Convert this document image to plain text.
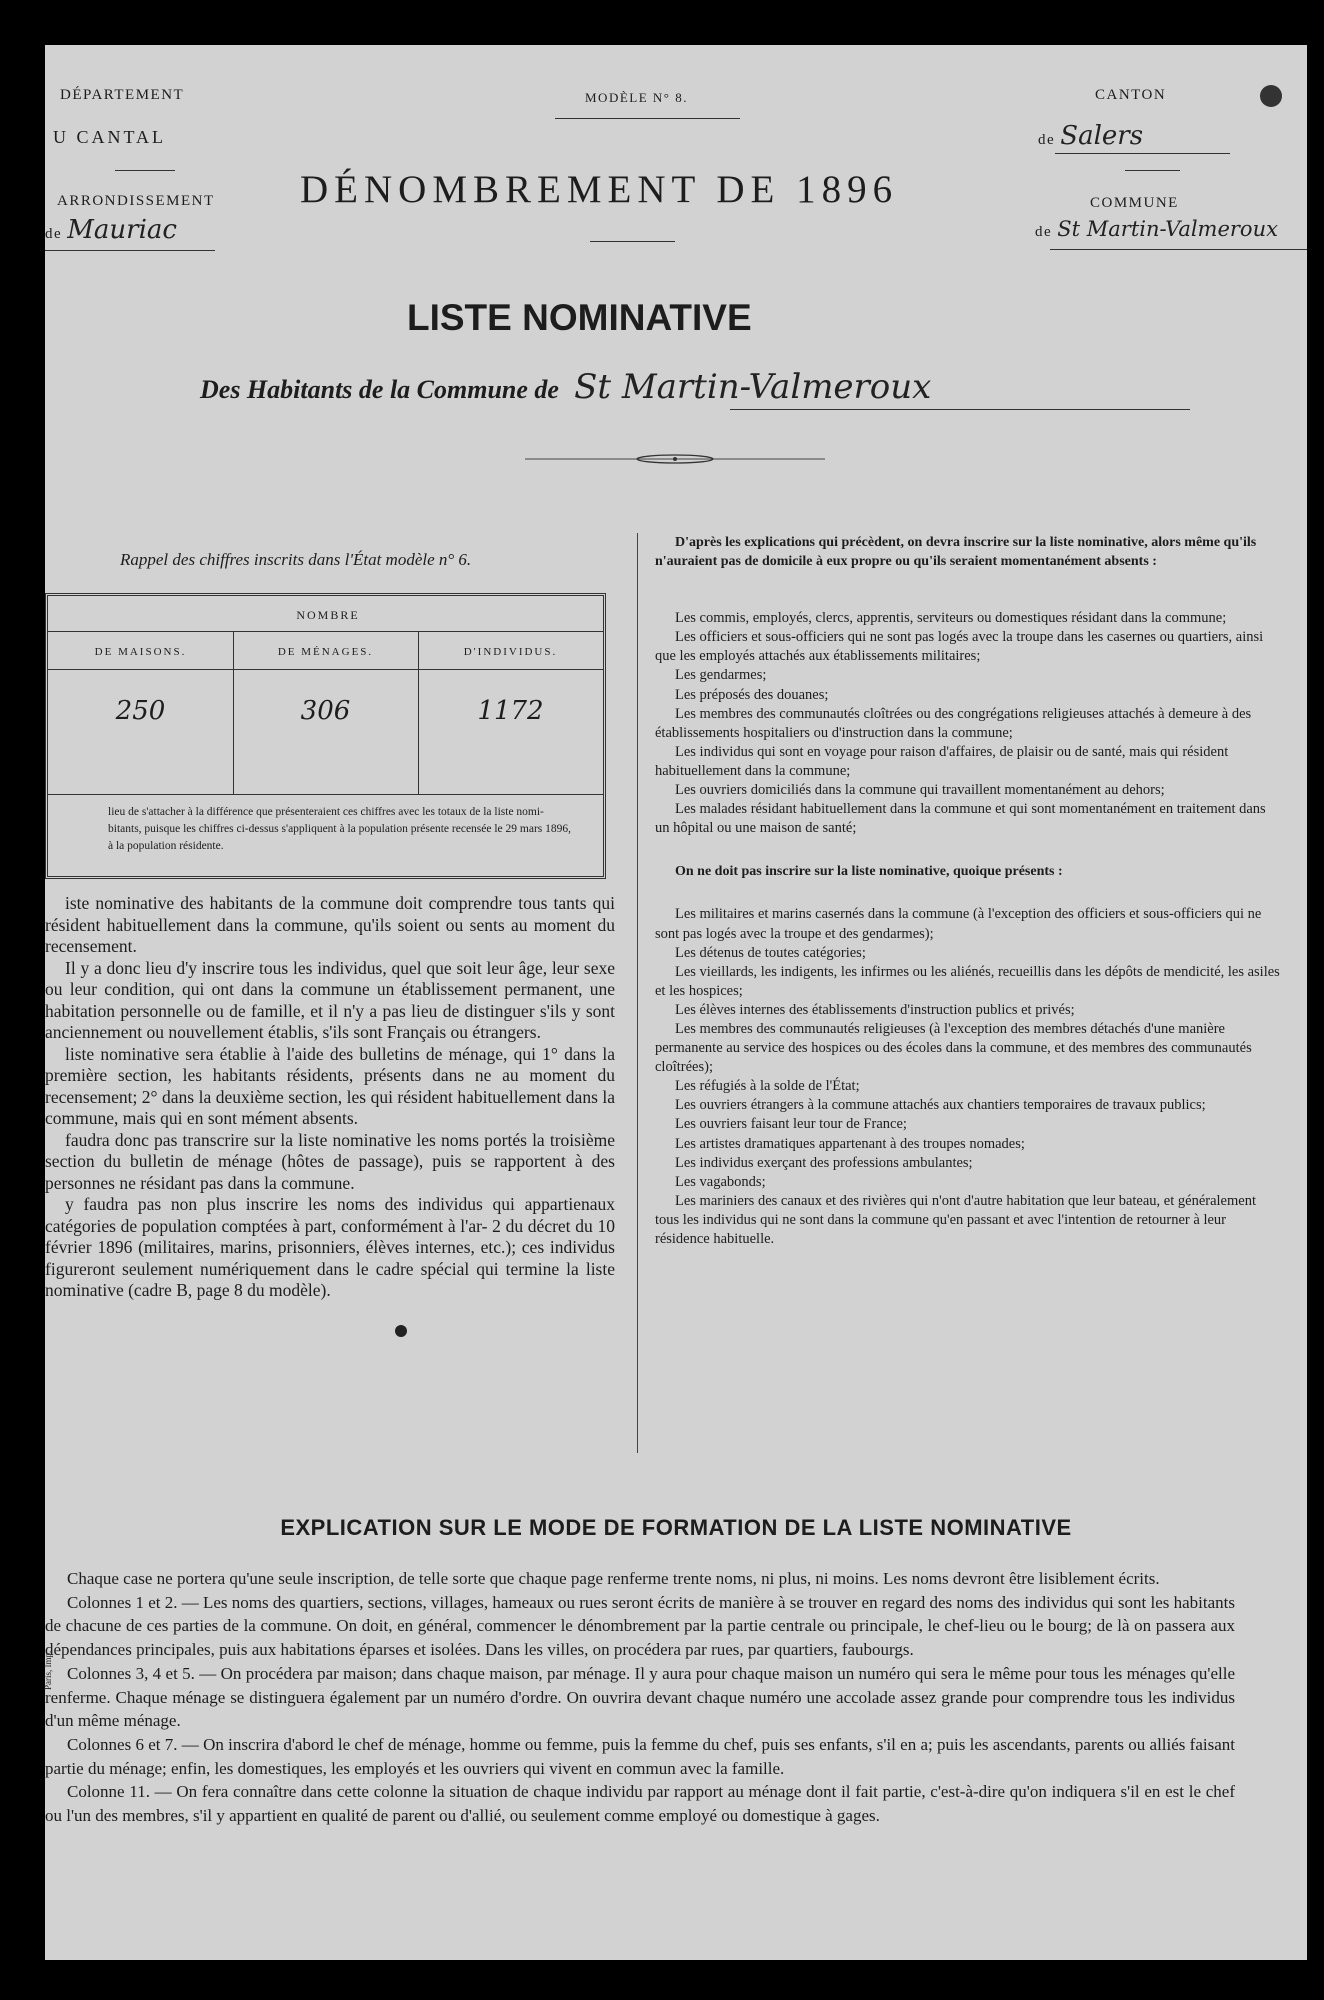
DÉPARTEMENT
U CANTAL
ARRONDISSEMENT
de Mauriac
MODÈLE N° 8.
DÉNOMBREMENT DE 1896
LISTE NOMINATIVE
Des Habitants de la Commune de St Martin-Valmeroux
CANTON
de Salers
COMMUNE
de St Martin-Valmeroux
Rappel des chiffres inscrits dans l'État modèle n° 6.
NOMBRE
DE MAISONS.	DE MÉNAGES.	D'INDIVIDUS.
250	306	1172
lieu de s'attacher à la différence que présenteraient ces chiffres avec les totaux de la liste nomi-
bitants, puisque les chiffres ci-dessus s'appliquent à la population présente recensée le 29 mars 1896,
à la population résidente.

iste nominative des habitants de la commune doit comprendre tous tants qui résident habituellement dans la commune, qu'ils soient ou sents au moment du recensement.

Il y a donc lieu d'y inscrire tous les individus, quel que soit leur âge, leur sexe ou leur condition, qui ont dans la commune un établissement permanent, une habitation personnelle ou de famille, et il n'y a pas lieu de distinguer s'ils y sont anciennement ou nouvellement établis, s'ils sont Français ou étrangers.

liste nominative sera établie à l'aide des bulletins de ménage, qui 1° dans la première section, les habitants résidents, présents dans ne au moment du recensement; 2° dans la deuxième section, les qui résident habituellement dans la commune, mais qui en sont mément absents.

faudra donc pas transcrire sur la liste nominative les noms portés la troisième section du bulletin de ménage (hôtes de passage), puis se rapportent à des personnes ne résidant pas dans la commune.

y faudra pas non plus inscrire les noms des individus qui appartienaux catégories de population comptées à part, conformément à l'ar- 2 du décret du 10 février 1896 (militaires, marins, prisonniers, élèves internes, etc.); ces individus figureront seulement numériquement dans le cadre spécial qui termine la liste nominative (cadre B, page 8 du modèle).

D'après les explications qui précèdent, on devra inscrire sur la liste nominative, alors même qu'ils n'auraient pas de domicile à eux propre ou qu'ils seraient momentanément absents :

Les commis, employés, clercs, apprentis, serviteurs ou domestiques résidant dans la commune;

Les officiers et sous-officiers qui ne sont pas logés avec la troupe dans les casernes ou quartiers, ainsi que les employés attachés aux établissements militaires;

Les gendarmes;

Les préposés des douanes;

Les membres des communautés cloîtrées ou des congrégations religieuses attachés à demeure à des établissements hospitaliers ou d'instruction dans la commune;

Les individus qui sont en voyage pour raison d'affaires, de plaisir ou de santé, mais qui résident habituellement dans la commune;

Les ouvriers domiciliés dans la commune qui travaillent momentanément au dehors;

Les malades résidant habituellement dans la commune et qui sont momentanément en traitement dans un hôpital ou une maison de santé;

On ne doit pas inscrire sur la liste nominative, quoique présents :

Les militaires et marins casernés dans la commune (à l'exception des officiers et sous-officiers qui ne sont pas logés avec la troupe et des gendarmes);

Les détenus de toutes catégories;

Les vieillards, les indigents, les infirmes ou les aliénés, recueillis dans les dépôts de mendicité, les asiles et les hospices;

Les élèves internes des établissements d'instruction publics et privés;

Les membres des communautés religieuses (à l'exception des membres détachés d'une manière permanente au service des hospices ou des écoles dans la commune, et des membres des communautés cloîtrées);

Les réfugiés à la solde de l'État;

Les ouvriers étrangers à la commune attachés aux chantiers temporaires de travaux publics;

Les ouvriers faisant leur tour de France;

Les artistes dramatiques appartenant à des troupes nomades;

Les individus exerçant des professions ambulantes;

Les vagabonds;

Les mariniers des canaux et des rivières qui n'ont d'autre habitation que leur bateau, et généralement tous les individus qui ne sont dans la commune qu'en passant et avec l'intention de retourner à leur résidence habituelle.

EXPLICATION SUR LE MODE DE FORMATION DE LA LISTE NOMINATIVE

Chaque case ne portera qu'une seule inscription, de telle sorte que chaque page renferme trente noms, ni plus, ni moins. Les noms devront être lisiblement écrits.

Colonnes 1 et 2. — Les noms des quartiers, sections, villages, hameaux ou rues seront écrits de manière à se trouver en regard des noms des individus qui sont les habitants de chacune de ces parties de la commune. On doit, en général, commencer le dénombrement par la partie centrale ou principale, le chef-lieu ou le bourg; de là on passera aux dépendances principales, puis aux habitations éparses et isolées. Dans les villes, on procédera par rues, par quartiers, faubourgs.

Colonnes 3, 4 et 5. — On procédera par maison; dans chaque maison, par ménage. Il y aura pour chaque maison un numéro qui sera le même pour tous les ménages qu'elle renferme. Chaque ménage se distinguera également par un numéro d'ordre. On ouvrira devant chaque numéro une accolade assez grande pour comprendre tous les individus d'un même ménage.

Colonnes 6 et 7. — On inscrira d'abord le chef de ménage, homme ou femme, puis la femme du chef, puis ses enfants, s'il en a; puis les ascendants, parents ou alliés faisant partie du ménage; enfin, les domestiques, les employés et les ouvriers qui vivent en commun avec la famille.

Colonne 11. — On fera connaître dans cette colonne la situation de chaque individu par rapport au ménage dont il fait partie, c'est-à-dire qu'on indiquera s'il en est le chef ou l'un des membres, s'il y appartient en qualité de parent ou d'allié, ou seulement comme employé ou domestique à gages.

Paris, Imp.
